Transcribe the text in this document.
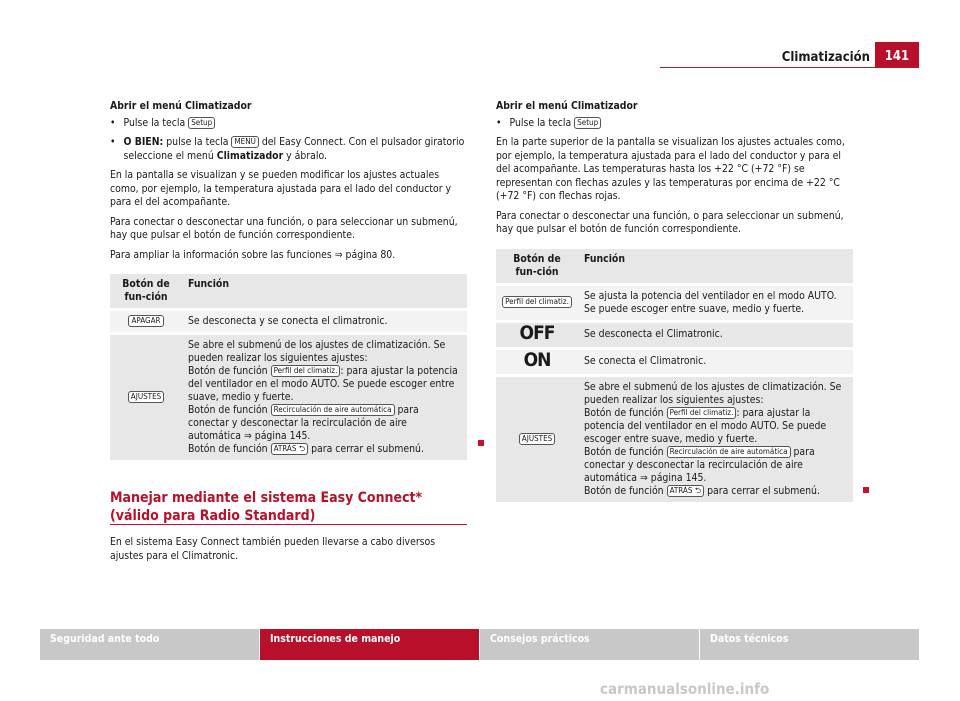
Climatización	141

Abrir el menú Climatizador

• Pulse la tecla Setup

• O BIEN: pulse la tecla MENÚ del Easy Connect. Con el pulsador giratorio seleccione el menú Climatizador y ábralo.

En la pantalla se visualizan y se pueden modificar los ajustes actuales como, por ejemplo, la temperatura ajustada para el lado del conductor y para el del acompañante.

Para conectar o desconectar una función, o para seleccionar un submenú, hay que pulsar el botón de función correspondiente.

Para ampliar la información sobre las funciones ⇒ página 80.

Botón de fun-ción	Función
APAGAR	Se desconecta y se conecta el climatronic.
AJUSTES	Se abre el submenú de los ajustes de climatización. Se pueden realizar los siguientes ajustes:
Botón de función Perfil del climatiz. : para ajustar la potencia del ventilador en el modo AUTO. Se puede escoger entre suave, medio y fuerte.
Botón de función Recirculación de aire automática para conectar y desconectar la recirculación de aire automática ⇒ página 145.
Botón de función ATRÁS ⮌ para cerrar el submenú.
Manejar mediante el sistema Easy Connect* (válido para Radio Standard)
En el sistema Easy Connect también pueden llevarse a cabo diversos ajustes para el Climatronic.

Abrir el menú Climatizador

• Pulse la tecla Setup

En la parte superior de la pantalla se visualizan los ajustes actuales como, por ejemplo, la temperatura ajustada para el lado del conductor y para el del acompañante. Las temperaturas hasta los +22 °C (+72 °F) se representan con flechas azules y las temperaturas por encima de +22 °C (+72 °F) con flechas rojas.

Para conectar o desconectar una función, o para seleccionar un submenú, hay que pulsar el botón de función correspondiente.

Botón de fun-ción	Función
Perfil del climatiz.	Se ajusta la potencia del ventilador en el modo AUTO. Se puede escoger entre suave, medio y fuerte.
OFF	Se desconecta el Climatronic.
ON	Se conecta el Climatronic.
AJUSTES	Se abre el submenú de los ajustes de climatización. Se pueden realizar los siguientes ajustes:
Botón de función Perfil del climatiz. : para ajustar la potencia del ventilador en el modo AUTO. Se puede escoger entre suave, medio y fuerte.
Botón de función Recirculación de aire automática para conectar y desconectar la recirculación de aire automática ⇒ página 145.
Botón de función ATRÁS ⮌ para cerrar el submenú.
Seguridad ante todo	Instrucciones de manejo	Consejos prácticos	Datos técnicos
carmanualsonline.info
